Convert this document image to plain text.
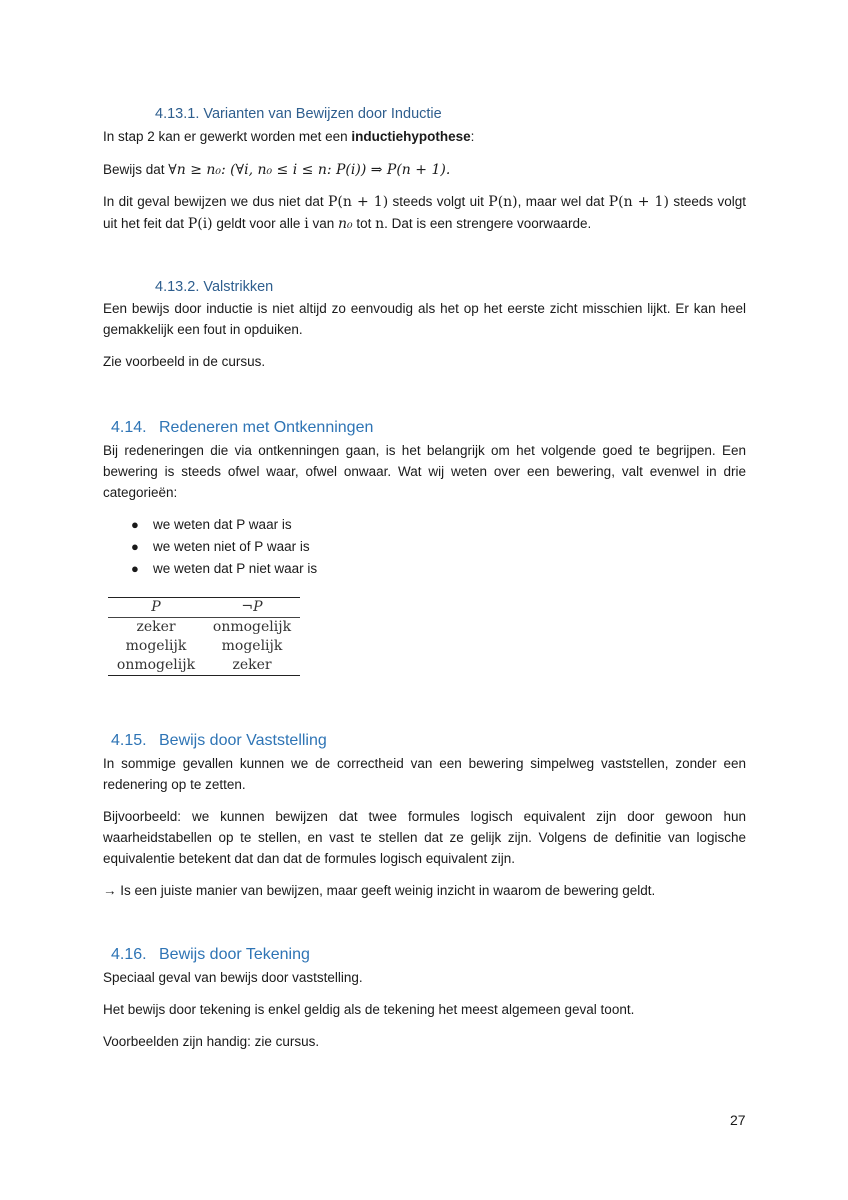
4.13.1. Varianten van Bewijzen door Inductie

In stap 2 kan er gewerkt worden met een inductiehypothese:

Bewijs dat ∀n ≥ n₀: (∀i, n₀ ≤ i ≤ n: P(i)) ⇒ P(n + 1).

In dit geval bewijzen we dus niet dat P(n + 1) steeds volgt uit P(n), maar wel dat P(n + 1) steeds volgt uit het feit dat P(i) geldt voor alle i van n₀ tot n. Dat is een strengere voorwaarde.

4.13.2. Valstrikken

Een bewijs door inductie is niet altijd zo eenvoudig als het op het eerste zicht misschien lijkt. Er kan heel gemakkelijk een fout in opduiken.

Zie voorbeeld in de cursus.

4.14. Redeneren met Ontkenningen

Bij redeneringen die via ontkenningen gaan, is het belangrijk om het volgende goed te begrijpen. Een bewering is steeds ofwel waar, ofwel onwaar. Wat wij weten over een bewering, valt evenwel in drie categorieën:

● we weten dat P waar is
● we weten niet of P waar is
● we weten dat P niet waar is
P	¬P
zeker	onmogelijk
mogelijk	mogelijk
onmogelijk	zeker
4.15. Bewijs door Vaststelling

In sommige gevallen kunnen we de correctheid van een bewering simpelweg vaststellen, zonder een redenering op te zetten.

Bijvoorbeeld: we kunnen bewijzen dat twee formules logisch equivalent zijn door gewoon hun waarheidstabellen op te stellen, en vast te stellen dat ze gelijk zijn. Volgens de definitie van logische equivalentie betekent dat dan dat de formules logisch equivalent zijn.

→ Is een juiste manier van bewijzen, maar geeft weinig inzicht in waarom de bewering geldt.

4.16. Bewijs door Tekening

Speciaal geval van bewijs door vaststelling.

Het bewijs door tekening is enkel geldig als de tekening het meest algemeen geval toont.

Voorbeelden zijn handig: zie cursus.

27
